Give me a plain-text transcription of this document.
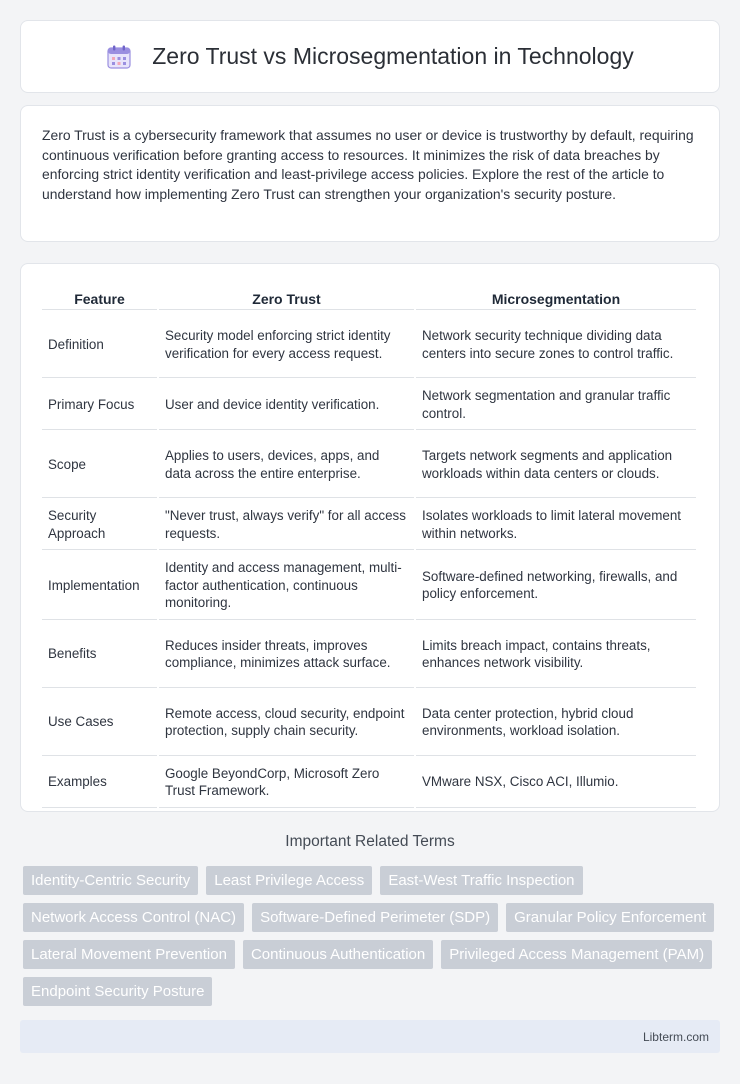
Zero Trust vs Microsegmentation in Technology

Zero Trust is a cybersecurity framework that assumes no user or device is trustworthy by default, requiring continuous verification before granting access to resources. It minimizes the risk of data breaches by enforcing strict identity verification and least-privilege access policies. Explore the rest of the article to understand how implementing Zero Trust can strengthen your organization's security posture.

Feature	Zero Trust	Microsegmentation
Definition	Security model enforcing strict identity verification for every access request.	Network security technique dividing data centers into secure zones to control traffic.
Primary Focus	User and device identity verification.	Network segmentation and granular traffic control.
Scope	Applies to users, devices, apps, and data across the entire enterprise.	Targets network segments and application workloads within data centers or clouds.
Security Approach	"Never trust, always verify" for all access requests.	Isolates workloads to limit lateral movement within networks.
Implementation	Identity and access management, multi-factor authentication, continuous monitoring.	Software-defined networking, firewalls, and policy enforcement.
Benefits	Reduces insider threats, improves compliance, minimizes attack surface.	Limits breach impact, contains threats, enhances network visibility.
Use Cases	Remote access, cloud security, endpoint protection, supply chain security.	Data center protection, hybrid cloud environments, workload isolation.
Examples	Google BeyondCorp, Microsoft Zero Trust Framework.	VMware NSX, Cisco ACI, Illumio.
Important Related Terms
Identity-Centric Security	Least Privilege Access	East-West Traffic Inspection
Network Access Control (NAC)	Software-Defined Perimeter (SDP)	Granular Policy Enforcement
Lateral Movement Prevention	Continuous Authentication	Privileged Access Management (PAM)
Endpoint Security Posture
Libterm.com
